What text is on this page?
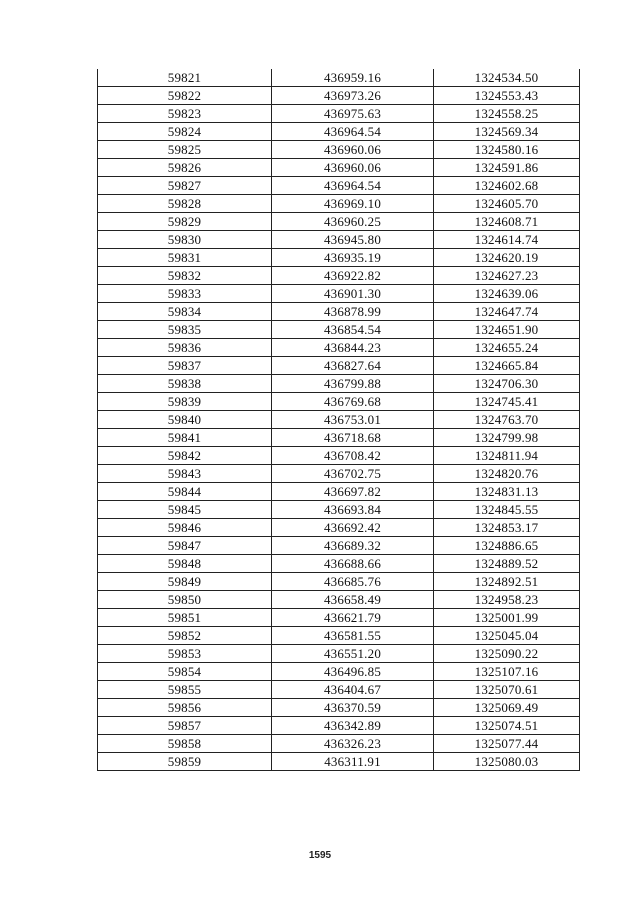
59821	436959.16	1324534.50
59822	436973.26	1324553.43
59823	436975.63	1324558.25
59824	436964.54	1324569.34
59825	436960.06	1324580.16
59826	436960.06	1324591.86
59827	436964.54	1324602.68
59828	436969.10	1324605.70
59829	436960.25	1324608.71
59830	436945.80	1324614.74
59831	436935.19	1324620.19
59832	436922.82	1324627.23
59833	436901.30	1324639.06
59834	436878.99	1324647.74
59835	436854.54	1324651.90
59836	436844.23	1324655.24
59837	436827.64	1324665.84
59838	436799.88	1324706.30
59839	436769.68	1324745.41
59840	436753.01	1324763.70
59841	436718.68	1324799.98
59842	436708.42	1324811.94
59843	436702.75	1324820.76
59844	436697.82	1324831.13
59845	436693.84	1324845.55
59846	436692.42	1324853.17
59847	436689.32	1324886.65
59848	436688.66	1324889.52
59849	436685.76	1324892.51
59850	436658.49	1324958.23
59851	436621.79	1325001.99
59852	436581.55	1325045.04
59853	436551.20	1325090.22
59854	436496.85	1325107.16
59855	436404.67	1325070.61
59856	436370.59	1325069.49
59857	436342.89	1325074.51
59858	436326.23	1325077.44
59859	436311.91	1325080.03
1595
